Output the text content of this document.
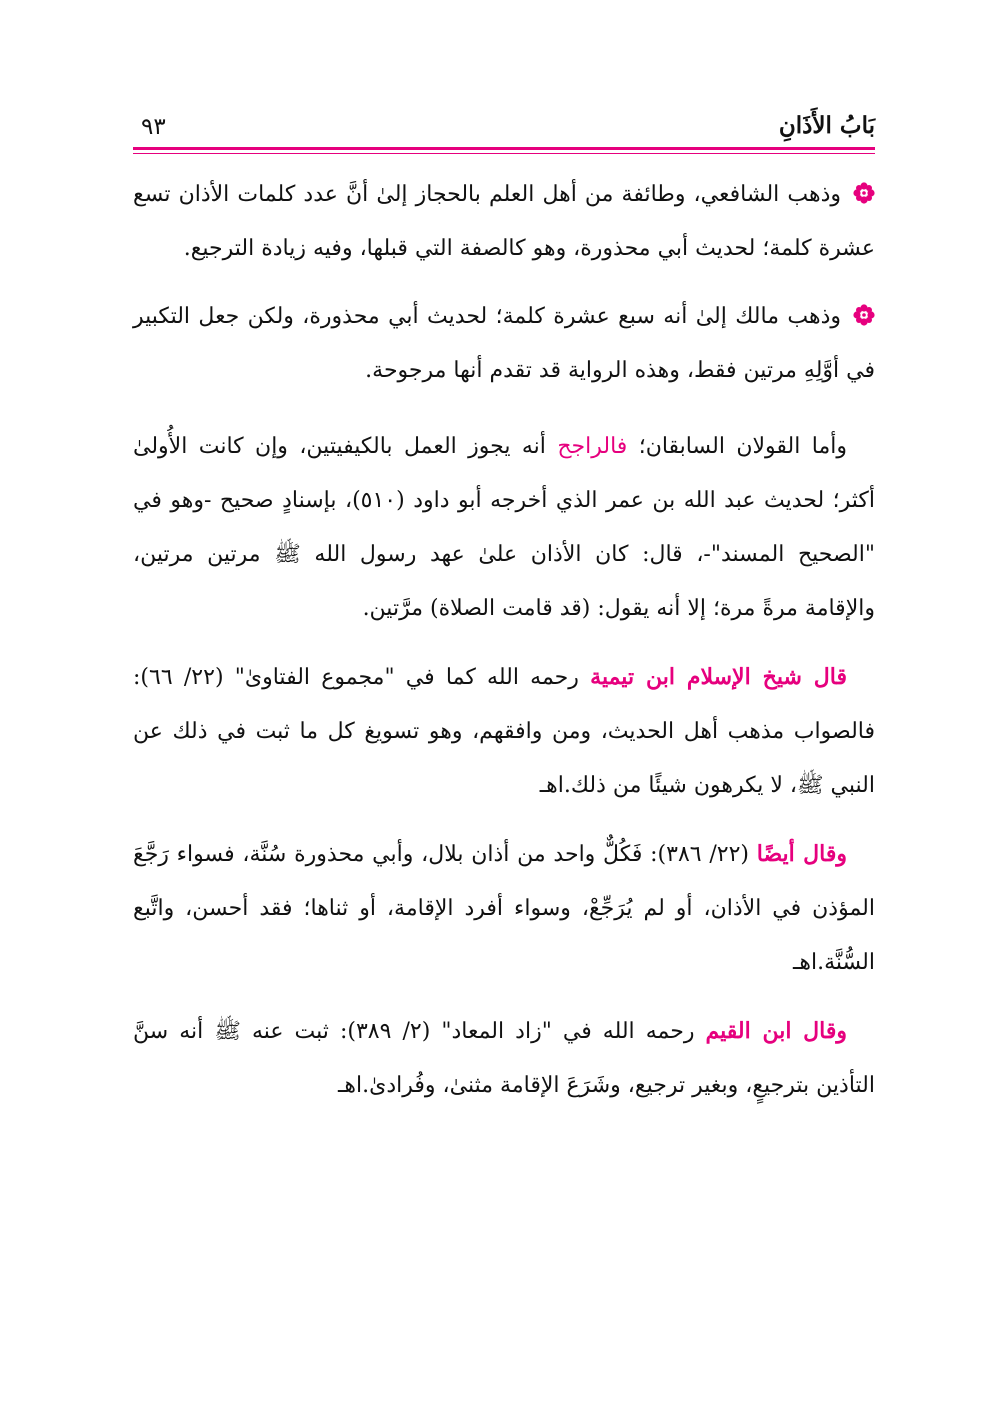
بَابُ الأَذَانِ
٩٣

وذهب الشافعي، وطائفة من أهل العلم بالحجاز إلىٰ أنَّ عدد كلمات الأذان تسع عشرة كلمة؛ لحديث أبي محذورة، وهو كالصفة التي قبلها، وفيه زيادة الترجيع.

وذهب مالك إلىٰ أنه سبع عشرة كلمة؛ لحديث أبي محذورة، ولكن جعل التكبير في أوَّلِهِ مرتين فقط، وهذه الرواية قد تقدم أنها مرجوحة.

وأما القولان السابقان؛ فالراجح أنه يجوز العمل بالكيفيتين، وإن كانت الأُولىٰ أكثر؛ لحديث عبد الله بن عمر الذي أخرجه أبو داود (٥١٠)، بإسنادٍ صحيح -وهو في "الصحيح المسند"-، قال: كان الأذان علىٰ عهد رسول الله ﷺ مرتين مرتين، والإقامة مرةً مرة؛ إلا أنه يقول: (قد قامت الصلاة) مرَّتين.

قال شيخ الإسلام ابن تيمية رحمه الله كما في "مجموع الفتاوىٰ" (٢٢/ ٦٦): فالصواب مذهب أهل الحديث، ومن وافقهم، وهو تسويغ كل ما ثبت في ذلك عن النبي ﷺ، لا يكرهون شيئًا من ذلك.اهـ

وقال أيضًا (٢٢/ ٣٨٦): فَكُلٌّ واحد من أذان بلال، وأبي محذورة سُنَّة، فسواء رَجَّعَ المؤذن في الأذان، أو لم يُرَجِّعْ، وسواء أفرد الإقامة، أو ثناها؛ فقد أحسن، واتَّبع السُّنَّة.اهـ

وقال ابن القيم رحمه الله في "زاد المعاد" (٢/ ٣٨٩): ثبت عنه ﷺ أنه سنَّ التأذين بترجيعٍ، وبغير ترجيع، وشَرَعَ الإقامة مثنىٰ، وفُرادىٰ.اهـ
